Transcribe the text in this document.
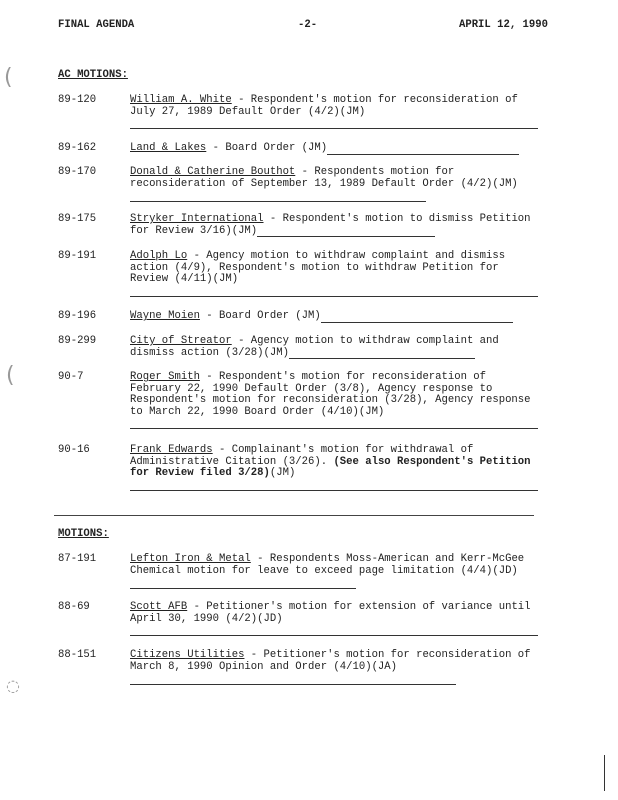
FINAL AGENDA	-2-	APRIL 12, 1990
(
(
◌
AC MOTIONS:
89-120	William A. White - Respondent's motion for reconsideration of July 27, 1989 Default Order (4/2)(JM)
89-162	Land & Lakes - Board Order (JM)
89-170	Donald & Catherine Bouthot - Respondents motion for reconsideration of September 13, 1989 Default Order (4/2)(JM)
89-175	Stryker International - Respondent's motion to dismiss Petition for Review 3/16)(JM)
89-191	Adolph Lo - Agency motion to withdraw complaint and dismiss action (4/9), Respondent's motion to withdraw Petition for Review (4/11)(JM)
89-196	Wayne Moien - Board Order (JM)
89-299	City of Streator - Agency motion to withdraw complaint and dismiss action (3/28)(JM)
90-7	Roger Smith - Respondent's motion for reconsideration of February 22, 1990 Default Order (3/8), Agency response to Respondent's motion for reconsideration (3/28), Agency response to March 22, 1990 Board Order (4/10)(JM)
90-16	Frank Edwards - Complainant's motion for withdrawal of Administrative Citation (3/26). (See also Respondent's Petition for Review filed 3/28)(JM)
MOTIONS:
87-191	Lefton Iron & Metal - Respondents Moss-American and Kerr-McGee Chemical motion for leave to exceed page limitation (4/4)(JD)
88-69	Scott AFB - Petitioner's motion for extension of variance until April 30, 1990 (4/2)(JD)
88-151	Citizens Utilities - Petitioner's motion for reconsideration of March 8, 1990 Opinion and Order (4/10)(JA)
